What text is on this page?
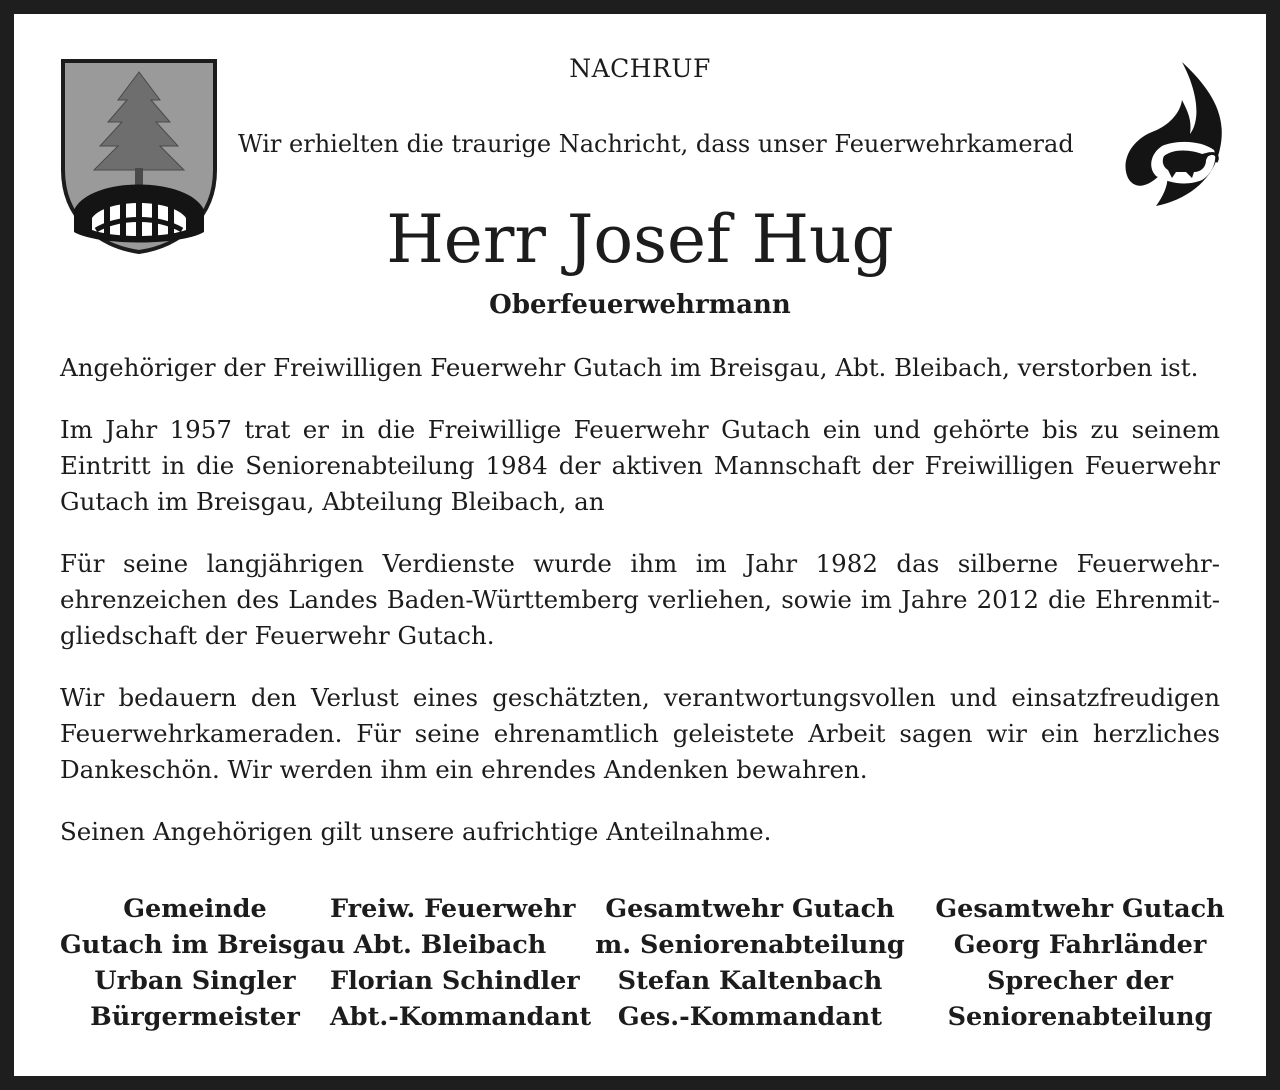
NACHRUF
Wir erhielten die traurige Nachricht, dass unser Feuerwehrkamerad
Herr Josef Hug
Oberfeuerwehrmann

Angehöriger der Freiwilligen Feuerwehr Gutach im Breisgau, Abt. Bleibach, verstorben ist.

Im Jahr 1957 trat er in die Freiwillige Feuerwehr Gutach ein und gehörte bis zu seinem Eintritt in die Seniorenabteilung 1984 der aktiven Mannschaft der Freiwilligen Feuerwehr Gutach im Breisgau, Abteilung Bleibach, an

Für seine langjährigen Verdienste wurde ihm im Jahr 1982 das silberne Feuerwehr-ehrenzeichen des Landes Baden-Württemberg verliehen, sowie im Jahre 2012 die Ehrenmit-gliedschaft der Feuerwehr Gutach.

Wir bedauern den Verlust eines geschätzten, verantwortungsvollen und einsatzfreudigen Feuerwehrkameraden. Für seine ehrenamtlich geleistete Arbeit sagen wir ein herzliches Dankeschön. Wir werden ihm ein ehrendes Andenken bewahren.

Seinen Angehörigen gilt unsere aufrichtige Anteilnahme.

Gemeinde
Gutach im Breisgau
Urban Singler
Bürgermeister
Freiw. Feuerwehr
Abt. Bleibach
Florian Schindler
Abt.-Kommandant
Gesamtwehr Gutach
m. Seniorenabteilung
Stefan Kaltenbach
Ges.-Kommandant
Gesamtwehr Gutach
Georg Fahrländer
Sprecher der
Seniorenabteilung
